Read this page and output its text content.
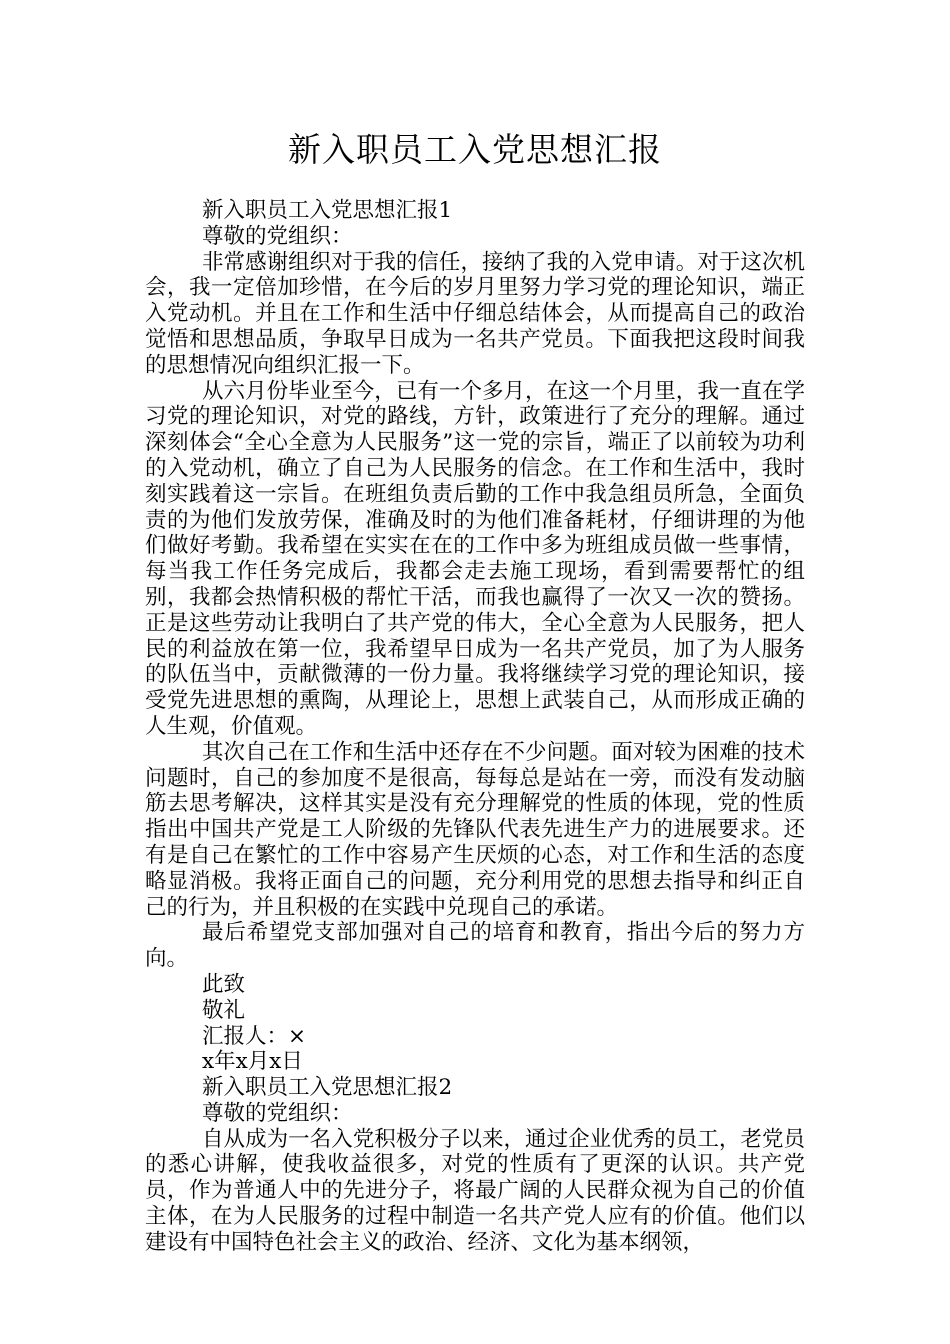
新入职员工入党思想汇报

新入职员工入党思想汇报1

尊敬的党组织：

非常感谢组织对于我的信任，接纳了我的入党申请。对于这次机会，我一定倍加珍惜，在今后的岁月里努力学习党的理论知识，端正入党动机。并且在工作和生活中仔细总结体会，从而提高自己的政治觉悟和思想品质，争取早日成为一名共产党员。下面我把这段时间我的思想情况向组织汇报一下。

从六月份毕业至今，已有一个多月，在这一个月里，我一直在学习党的理论知识，对党的路线，方针，政策进行了充分的理解。通过深刻体会“全心全意为人民服务”这一党的宗旨，端正了以前较为功利的入党动机，确立了自己为人民服务的信念。在工作和生活中，我时刻实践着这一宗旨。在班组负责后勤的工作中我急组员所急，全面负责的为他们发放劳保，准确及时的为他们准备耗材，仔细讲理的为他们做好考勤。我希望在实实在在的工作中多为班组成员做一些事情，每当我工作任务完成后，我都会走去施工现场，看到需要帮忙的组别，我都会热情积极的帮忙干活，而我也赢得了一次又一次的赞扬。正是这些劳动让我明白了共产党的伟大，全心全意为人民服务，把人民的利益放在第一位，我希望早日成为一名共产党员，加了为人服务的队伍当中，贡献微薄的一份力量。我将继续学习党的理论知识，接受党先进思想的熏陶，从理论上，思想上武装自己，从而形成正确的人生观，价值观。

其次自己在工作和生活中还存在不少问题。面对较为困难的技术问题时，自己的参加度不是很高，每每总是站在一旁，而没有发动脑筋去思考解决，这样其实是没有充分理解党的性质的体现，党的性质指出中国共产党是工人阶级的先锋队代表先进生产力的进展要求。还有是自己在繁忙的工作中容易产生厌烦的心态，对工作和生活的态度略显消极。我将正面自己的问题，充分利用党的思想去指导和纠正自己的行为，并且积极的在实践中兑现自己的承诺。

最后希望党支部加强对自己的培育和教育，指出今后的努力方向。

此致

敬礼

汇报人：×

x年x月x日

新入职员工入党思想汇报2

尊敬的党组织：

自从成为一名入党积极分子以来，通过企业优秀的员工，老党员的悉心讲解，使我收益很多，对党的性质有了更深的认识。共产党员，作为普通人中的先进分子，将最广阔的人民群众视为自己的价值主体，在为人民服务的过程中制造一名共产党人应有的价值。他们以建设有中国特色社会主义的政治、经济、文化为基本纲领，
